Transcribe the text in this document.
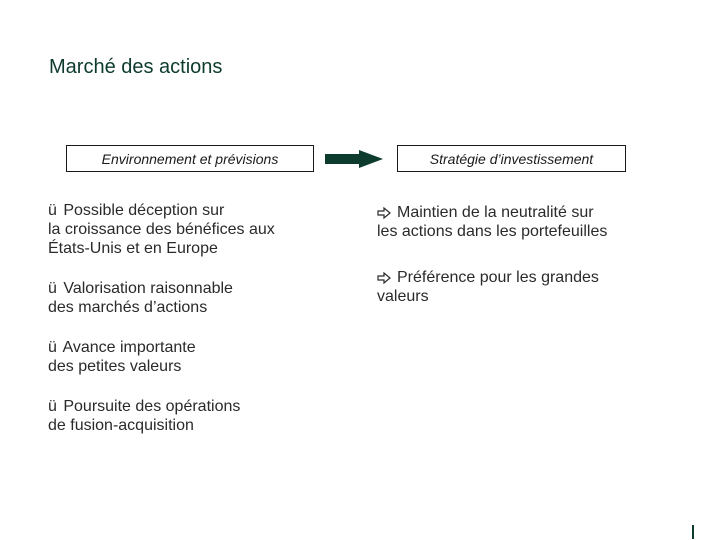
Marché des actions
Environnement et prévisions	Stratégie d’investissement
ü Possible déception sur
la croissance des bénéfices aux
États-Unis et en Europe
ü Valorisation raisonnable
des marchés d’actions
ü Avance importante
des petites valeurs
ü Poursuite des opérations
de fusion-acquisition
Maintien de la neutralité sur
les actions dans les portefeuilles
Préférence pour les grandes
valeurs
